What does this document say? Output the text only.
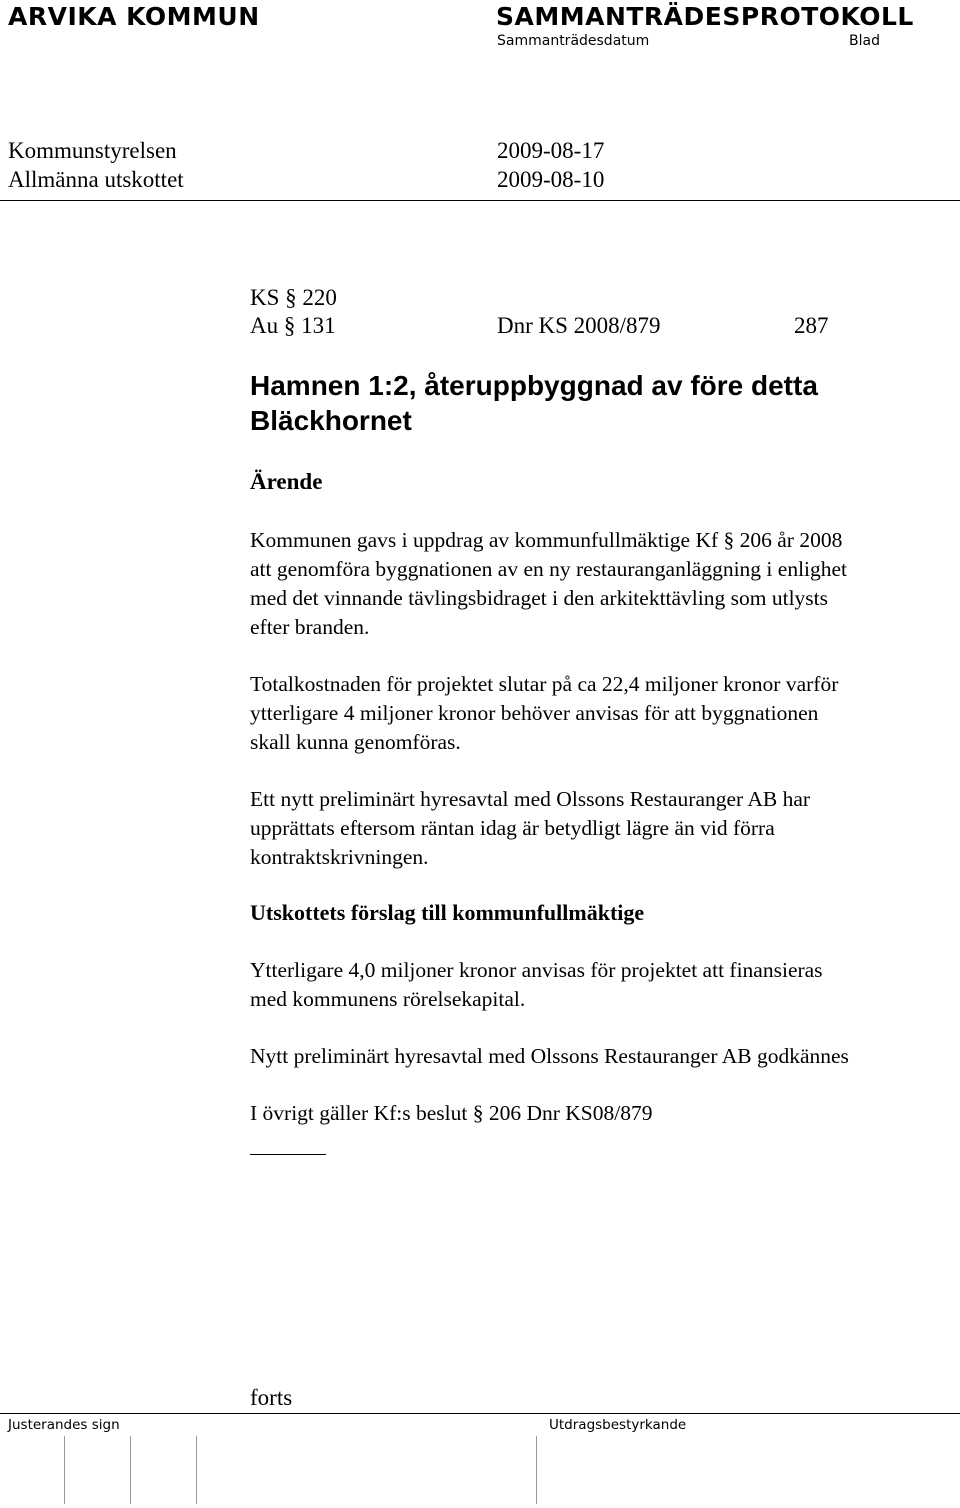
ARVIKA KOMMUN	SAMMANTRÄDESPROTOKOLL
Sammanträdesdatum	Blad
Kommunstyrelsen	2009-08-17
Allmänna utskottet	2009-08-10
KS § 220
Au § 131	Dnr KS 2008/879	287
Hamnen 1:2, återuppbyggnad av före detta
Bläckhornet
Ärende
Kommunen gavs i uppdrag av kommunfullmäktige Kf § 206 år 2008
att genomföra byggnationen av en ny restauranganläggning i enlighet
med det vinnande tävlingsbidraget i den arkitekttävling som utlysts
efter branden.
Totalkostnaden för projektet slutar på ca 22,4 miljoner kronor varför
ytterligare 4 miljoner kronor behöver anvisas för att byggnationen
skall kunna genomföras.
Ett nytt preliminärt hyresavtal med Olssons Restauranger AB har
upprättats eftersom räntan idag är betydligt lägre än vid förra
kontraktskrivningen.
Utskottets förslag till kommunfullmäktige
Ytterligare 4,0 miljoner kronor anvisas för projektet att finansieras
med kommunens rörelsekapital.
Nytt preliminärt hyresavtal med Olssons Restauranger AB godkännes
I övrigt gäller Kf:s beslut § 206 Dnr KS08/879
forts
Justerandes sign	Utdragsbestyrkande
